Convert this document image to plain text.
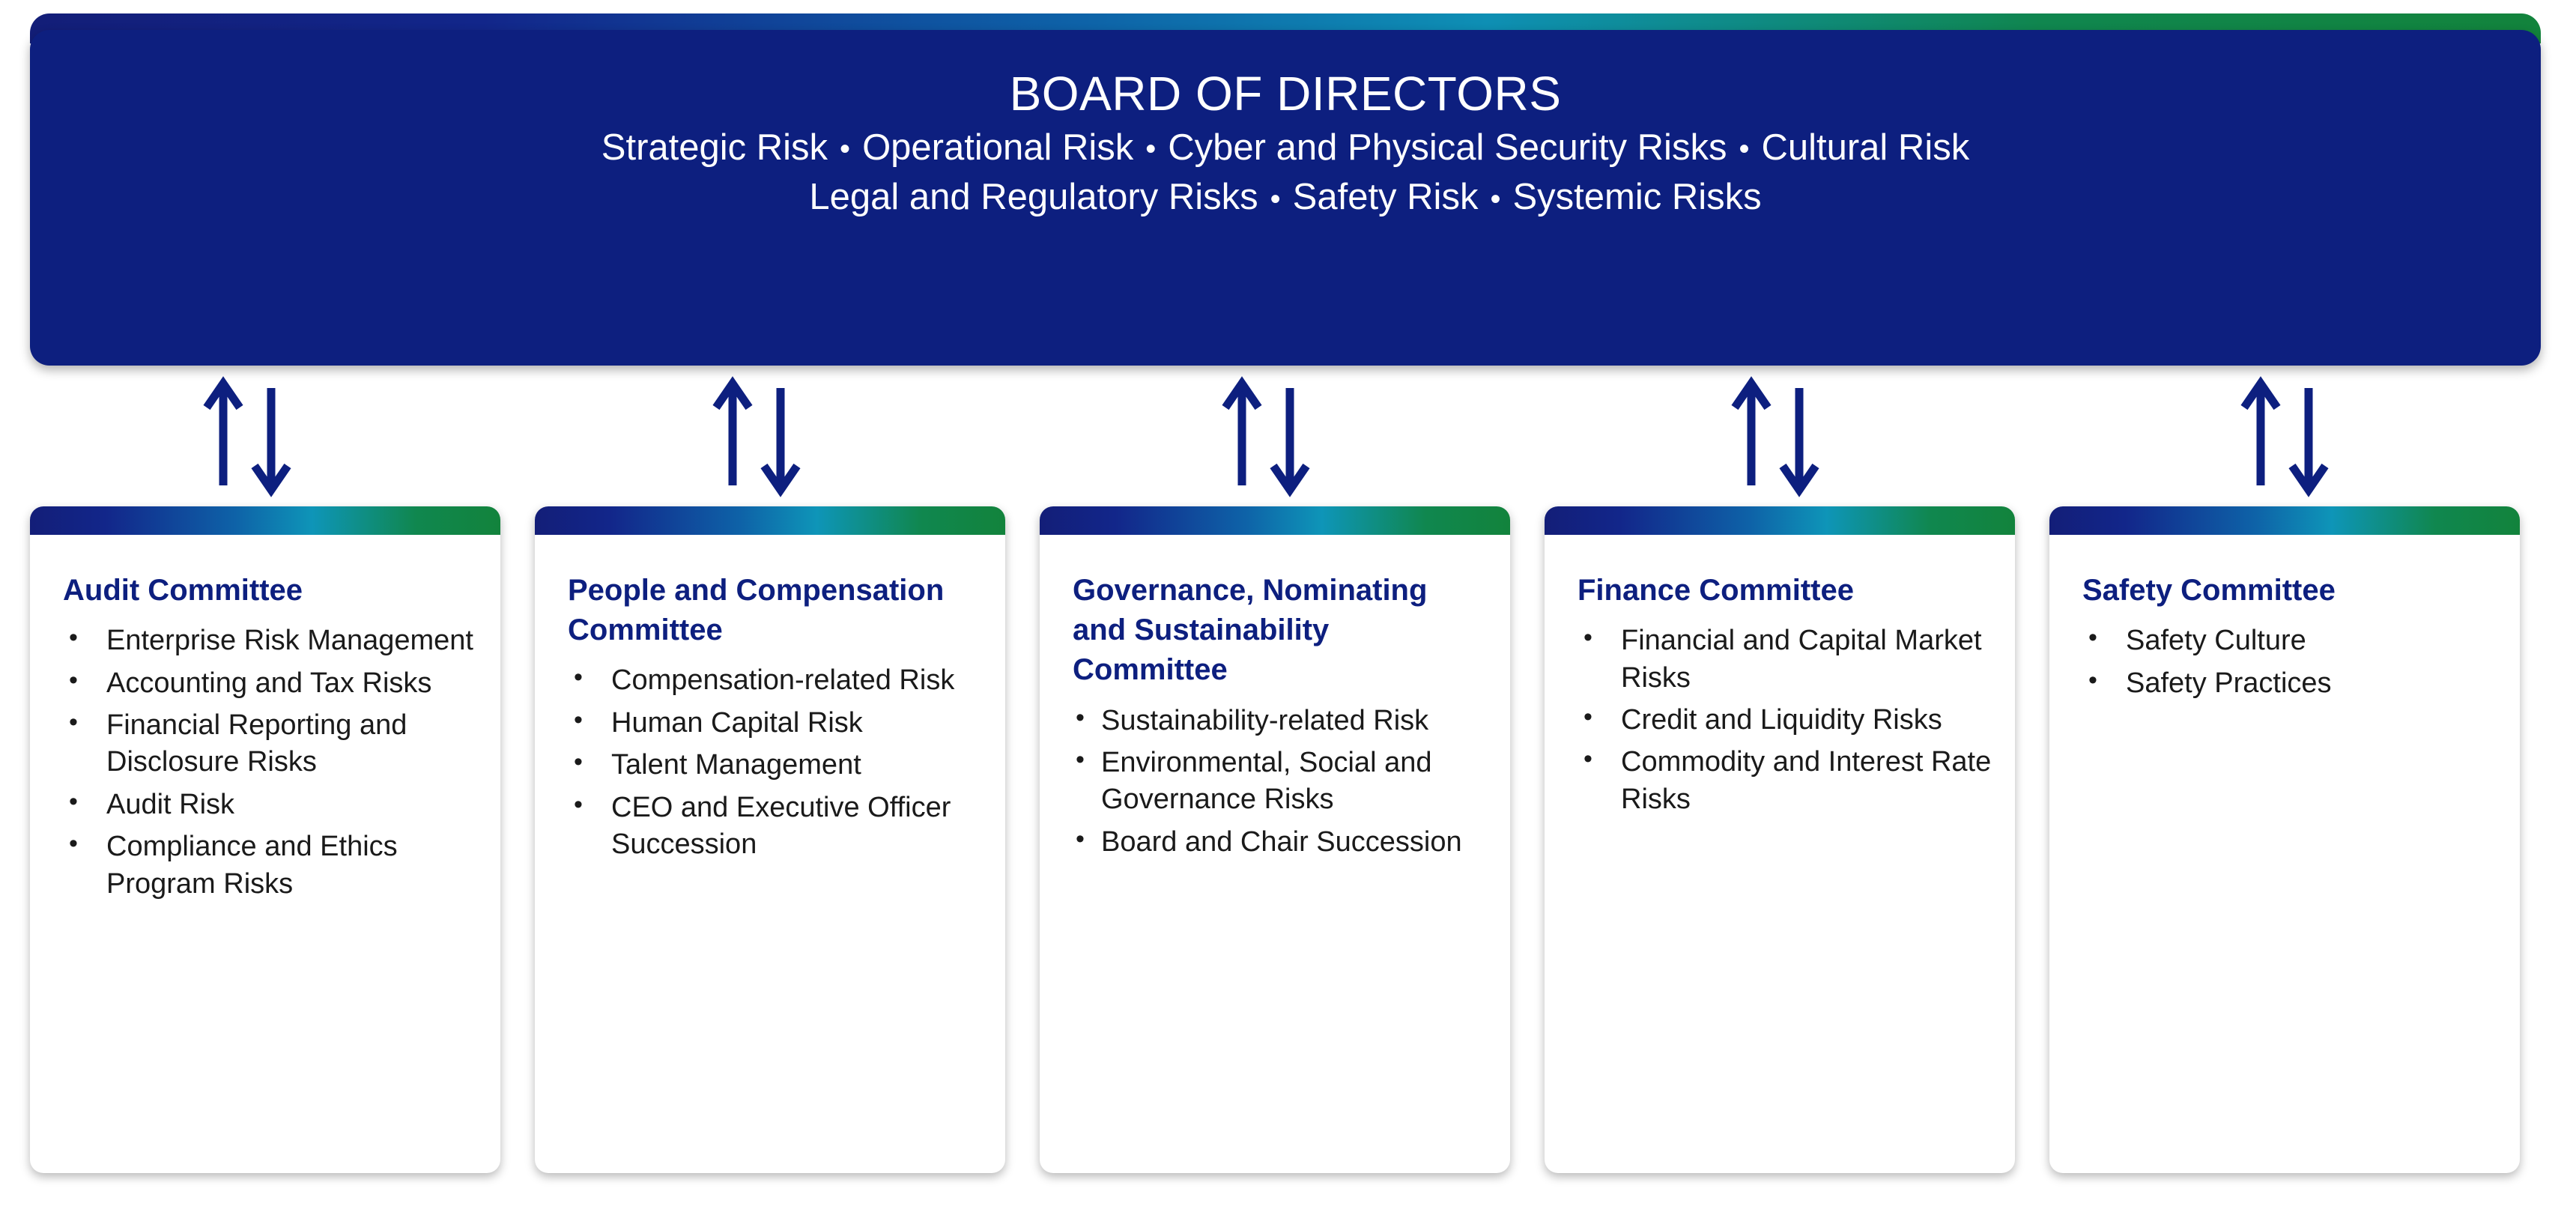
BOARD OF DIRECTORS
Strategic Risk • Operational Risk • Cyber and Physical Security Risks • Cultural Risk
Legal and Regulatory Risks • Safety Risk • Systemic Risks
Audit Committee
• Enterprise Risk Management
• Accounting and Tax Risks
• Financial Reporting and Disclosure Risks
• Audit Risk
• Compliance and Ethics Program Risks
People and Compensation Committee
• Compensation-related Risk
• Human Capital Risk
• Talent Management
• CEO and Executive Officer Succession
Governance, Nominating and Sustainability Committee
• Sustainability-related Risk
• Environmental, Social and Governance Risks
• Board and Chair Succession
Finance Committee
• Financial and Capital Market Risks
• Credit and Liquidity Risks
• Commodity and Interest Rate Risks
Safety Committee
• Safety Culture
• Safety Practices
